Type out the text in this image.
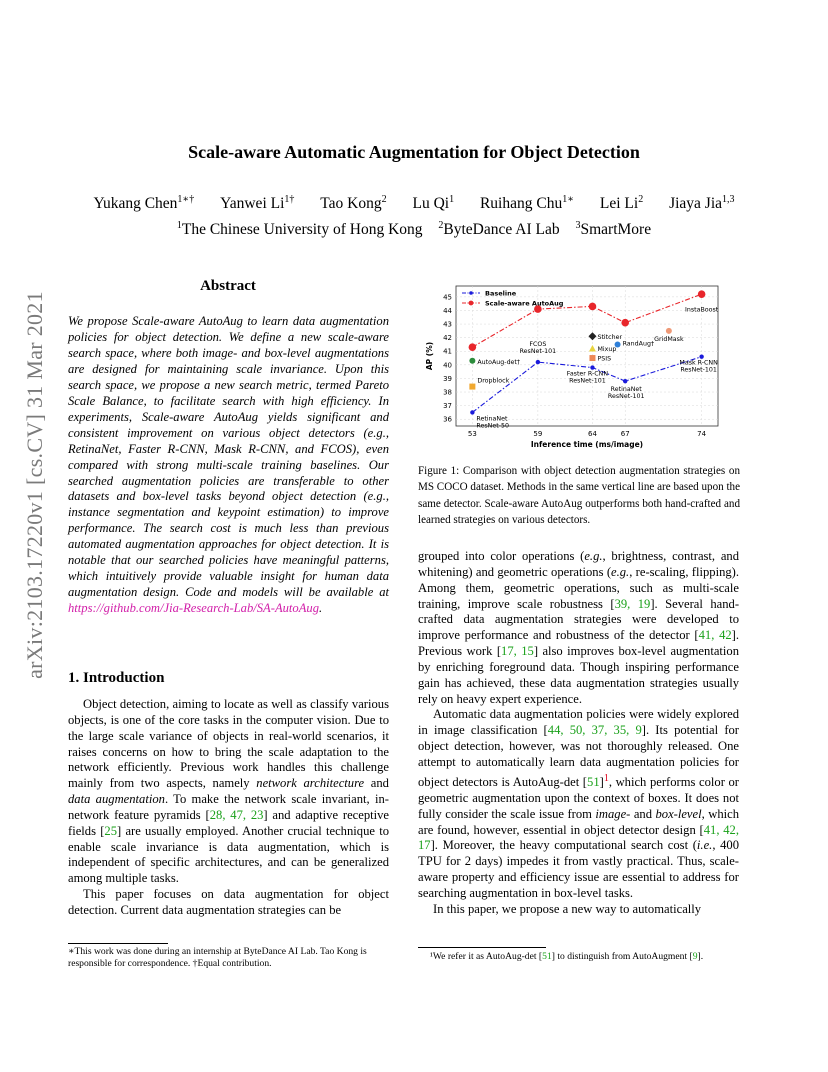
Scale-aware Automatic Augmentation for Object Detection
Yukang Chen$^{1∗\dagger}$ Yanwei $Li^{1\dagger}$ Tao Kong$^2$ Lu Qi$^1$ Ruihang Chu$^{1∗}$ Lei Li$^2$ Jiaya Jia$^{1,3}$
$^1$The Chinese University of Hong Kong $^2$ByteDance AI Lab $^3$SmartMore
arXiv:2103.17220v1 [cs.CV] 31 Mar 2021
Abstract
We propose Scale-aware AutoAug to learn data augmentation policies for object detection. We define a new scale-aware search space, where both image- and box-level augmentations are designed for maintaining scale invariance. Upon this search space, we propose a new search metric, termed Pareto Scale Balance, to facilitate search with high efficiency. In experiments, Scale-aware AutoAug yields significant and consistent improvement on various object detectors (e.g., RetinaNet, Faster R-CNN, Mask R-CNN, and FCOS), even compared with strong multi-scale training baselines. Our searched augmentation policies are transferable to other datasets and box-level tasks beyond object detection (e.g., instance segmentation and keypoint estimation) to improve performance. The search cost is much less than previous automated augmentation approaches for object detection. It is notable that our searched policies have meaningful patterns, which intuitively provide valuable insight for human data augmentation design. Code and models will be available at https://github.com/Jia-Research-Lab/SA-AutoAug.
1. Introduction

Object detection, aiming to locate as well as classify various objects, is one of the core tasks in the computer vision. Due to the large scale variance of objects in real-world scenarios, it raises concerns on how to bring the scale adaptation to the network efficiently. Previous work handles this challenge mainly from two aspects, namely network architecture and data augmentation. To make the network scale invariant, in-network feature pyramids [28, 47, 23] and adaptive receptive fields [25] are usually employed. Another crucial technique to enable scale invariance is data augmentation, which is independent of specific architectures, and can be generalized among multiple tasks.

This paper focuses on data augmentation for object detection. Current data augmentation strategies can be

∗This work was done during an internship at ByteDance AI Lab. Tao Kong is responsible for correspondence. †Equal contribution.
36
37
38
39
40
41
42
43
44
45
53	59	64	67	74
Inference time (ms/image)
AP (%)	AutoAug-det†
Dropblock
Stitcher
Mixup
PSIS
RandAug†
GridMask
RetinaNet
ResNet-50
FCOS
ResNet-101
Faster R-CNN
ResNet-101
RetinaNet
ResNet-101
Mask R-CNN
ResNet-101
InstaBoost
Baseline
Scale-aware AutoAug
Figure 1: Comparison with object detection augmentation strategies on MS COCO dataset. Methods in the same vertical line are based upon the same detector. Scale-aware AutoAug outperforms both hand-crafted and learned strategies on various detectors.

grouped into color operations (e.g., brightness, contrast, and whitening) and geometric operations (e.g., re-scaling, flipping). Among them, geometric operations, such as multi-scale training, improve scale robustness [39, 19]. Several hand-crafted data augmentation strategies were developed to improve performance and robustness of the detector [41, 42]. Previous work [17, 15] also improves box-level augmentation by enriching foreground data. Though inspiring performance gain has achieved, these data augmentation strategies usually rely on heavy expert experience.

Automatic data augmentation policies were widely explored in image classification [44, 50, 37, 35, 9]. Its potential for object detection, however, was not thoroughly released. One attempt to automatically learn data augmentation policies for object detectors is AutoAug-det $[51]^1$, which performs color or geometric augmentation upon the context of boxes. It does not fully consider the scale issue from image- and box-level, which are found, however, essential in object detector design [41, 42, 17]. Moreover, the heavy computational search cost (i.e., 400 TPU for 2 days) impedes it from vastly practical. Thus, scale-aware property and efficiency issue are essential to address for searching augmentation in box-level tasks.

In this paper, we propose a new way to automatically

¹We refer it as AutoAug-det [51] to distinguish from AutoAugment [9].
